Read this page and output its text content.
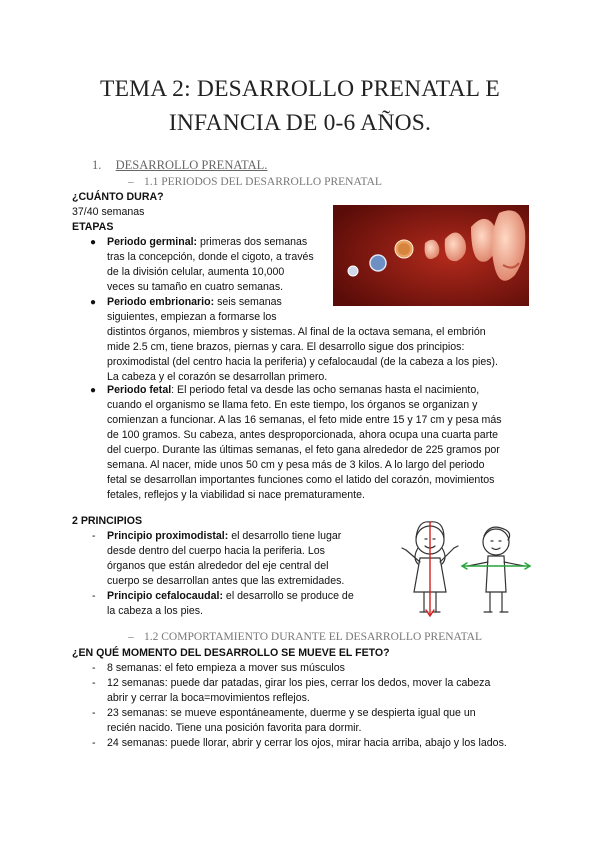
TEMA 2: DESARROLLO PRENATAL E
INFANCIA DE 0-6 AÑOS.
1. DESARROLLO PRENATAL.
– 1.1 PERIODOS DEL DESARROLLO PRENATAL
¿CUÁNTO DURA?
37/40 semanas
ETAPAS
● Periodo germinal: primeras dos semanas
tras la concepción, donde el cigoto, a través
de la división celular, aumenta 10,000
veces su tamaño en cuatro semanas.
● Periodo embrionario: seis semanas
siguientes, empiezan a formarse los
distintos órganos, miembros y sistemas. Al final de la octava semana, el embrión
mide 2.5 cm, tiene brazos, piernas y cara. El desarrollo sigue dos principios:
proximodistal (del centro hacia la periferia) y cefalocaudal (de la cabeza a los pies).
La cabeza y el corazón se desarrollan primero.
● Periodo fetal: El periodo fetal va desde las ocho semanas hasta el nacimiento,
cuando el organismo se llama feto. En este tiempo, los órganos se organizan y
comienzan a funcionar. A las 16 semanas, el feto mide entre 15 y 17 cm y pesa más
de 100 gramos. Su cabeza, antes desproporcionada, ahora ocupa una cuarta parte
del cuerpo. Durante las últimas semanas, el feto gana alrededor de 225 gramos por
semana. Al nacer, mide unos 50 cm y pesa más de 3 kilos. A lo largo del periodo
fetal se desarrollan importantes funciones como el latido del corazón, movimientos
fetales, reflejos y la viabilidad si nace prematuramente.
2 PRINCIPIOS
- Principio proximodistal: el desarrollo tiene lugar
desde dentro del cuerpo hacia la periferia. Los
órganos que están alrededor del eje central del
cuerpo se desarrollan antes que las extremidades.
- Principio cefalocaudal: el desarrollo se produce de
la cabeza a los pies.
– 1.2 COMPORTAMIENTO DURANTE EL DESARROLLO PRENATAL
¿EN QUÉ MOMENTO DEL DESARROLLO SE MUEVE EL FETO?
- 8 semanas: el feto empieza a mover sus músculos
- 12 semanas: puede dar patadas, girar los pies, cerrar los dedos, mover la cabeza
abrir y cerrar la boca=movimientos reflejos.
- 23 semanas: se mueve espontáneamente, duerme y se despierta igual que un
recién nacido. Tiene una posición favorita para dormir.
- 24 semanas: puede llorar, abrir y cerrar los ojos, mirar hacia arriba, abajo y los lados.
